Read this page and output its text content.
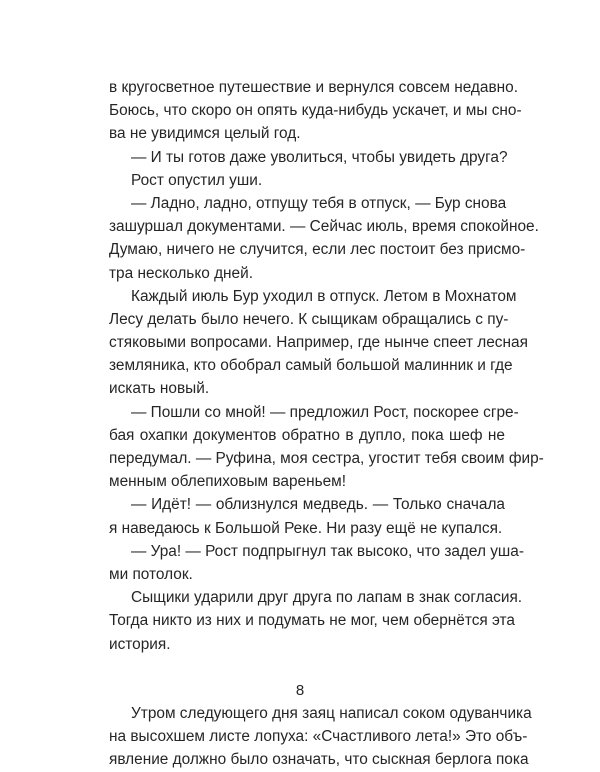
в кругосветное путешествие и вернулся совсем недавно.
Боюсь, что скоро он опять куда-нибудь ускачет, и мы сно-
ва не увидимся целый год.
— И ты готов даже уволиться, чтобы увидеть друга?
Рост опустил уши.
— Ладно, ладно, отпущу тебя в отпуск, — Бур снова
зашуршал документами. — Сейчас июль, время спокойное.
Думаю, ничего не случится, если лес постоит без присмо-
тра несколько дней.
Каждый июль Бур уходил в отпуск. Летом в Мохнатом
Лесу делать было нечего. К сыщикам обращались с пу-
стяковыми вопросами. Например, где нынче спеет лесная
земляника, кто обобрал самый большой малинник и где
искать новый.
— Пошли со мной! — предложил Рост, поскорее сгре-
бая охапки документов обратно в дупло, пока шеф не
передумал. — Руфина, моя сестра, угостит тебя своим фир-
менным облепиховым вареньем!
— Идёт! — облизнулся медведь. — Только сначала
я наведаюсь к Большой Реке. Ни разу ещё не купался.
— Ура! — Рост подпрыгнул так высоко, что задел уша-
ми потолок.
Сыщики ударили друг друга по лапам в знак согласия.
Тогда никто из них и подумать не мог, чем обернётся эта
история.
Утром следующего дня заяц написал соком одуванчика
на высохшем листе лопуха: «Счастливого лета!» Это объ-
явление должно было означать, что сыскная берлога пока
8
